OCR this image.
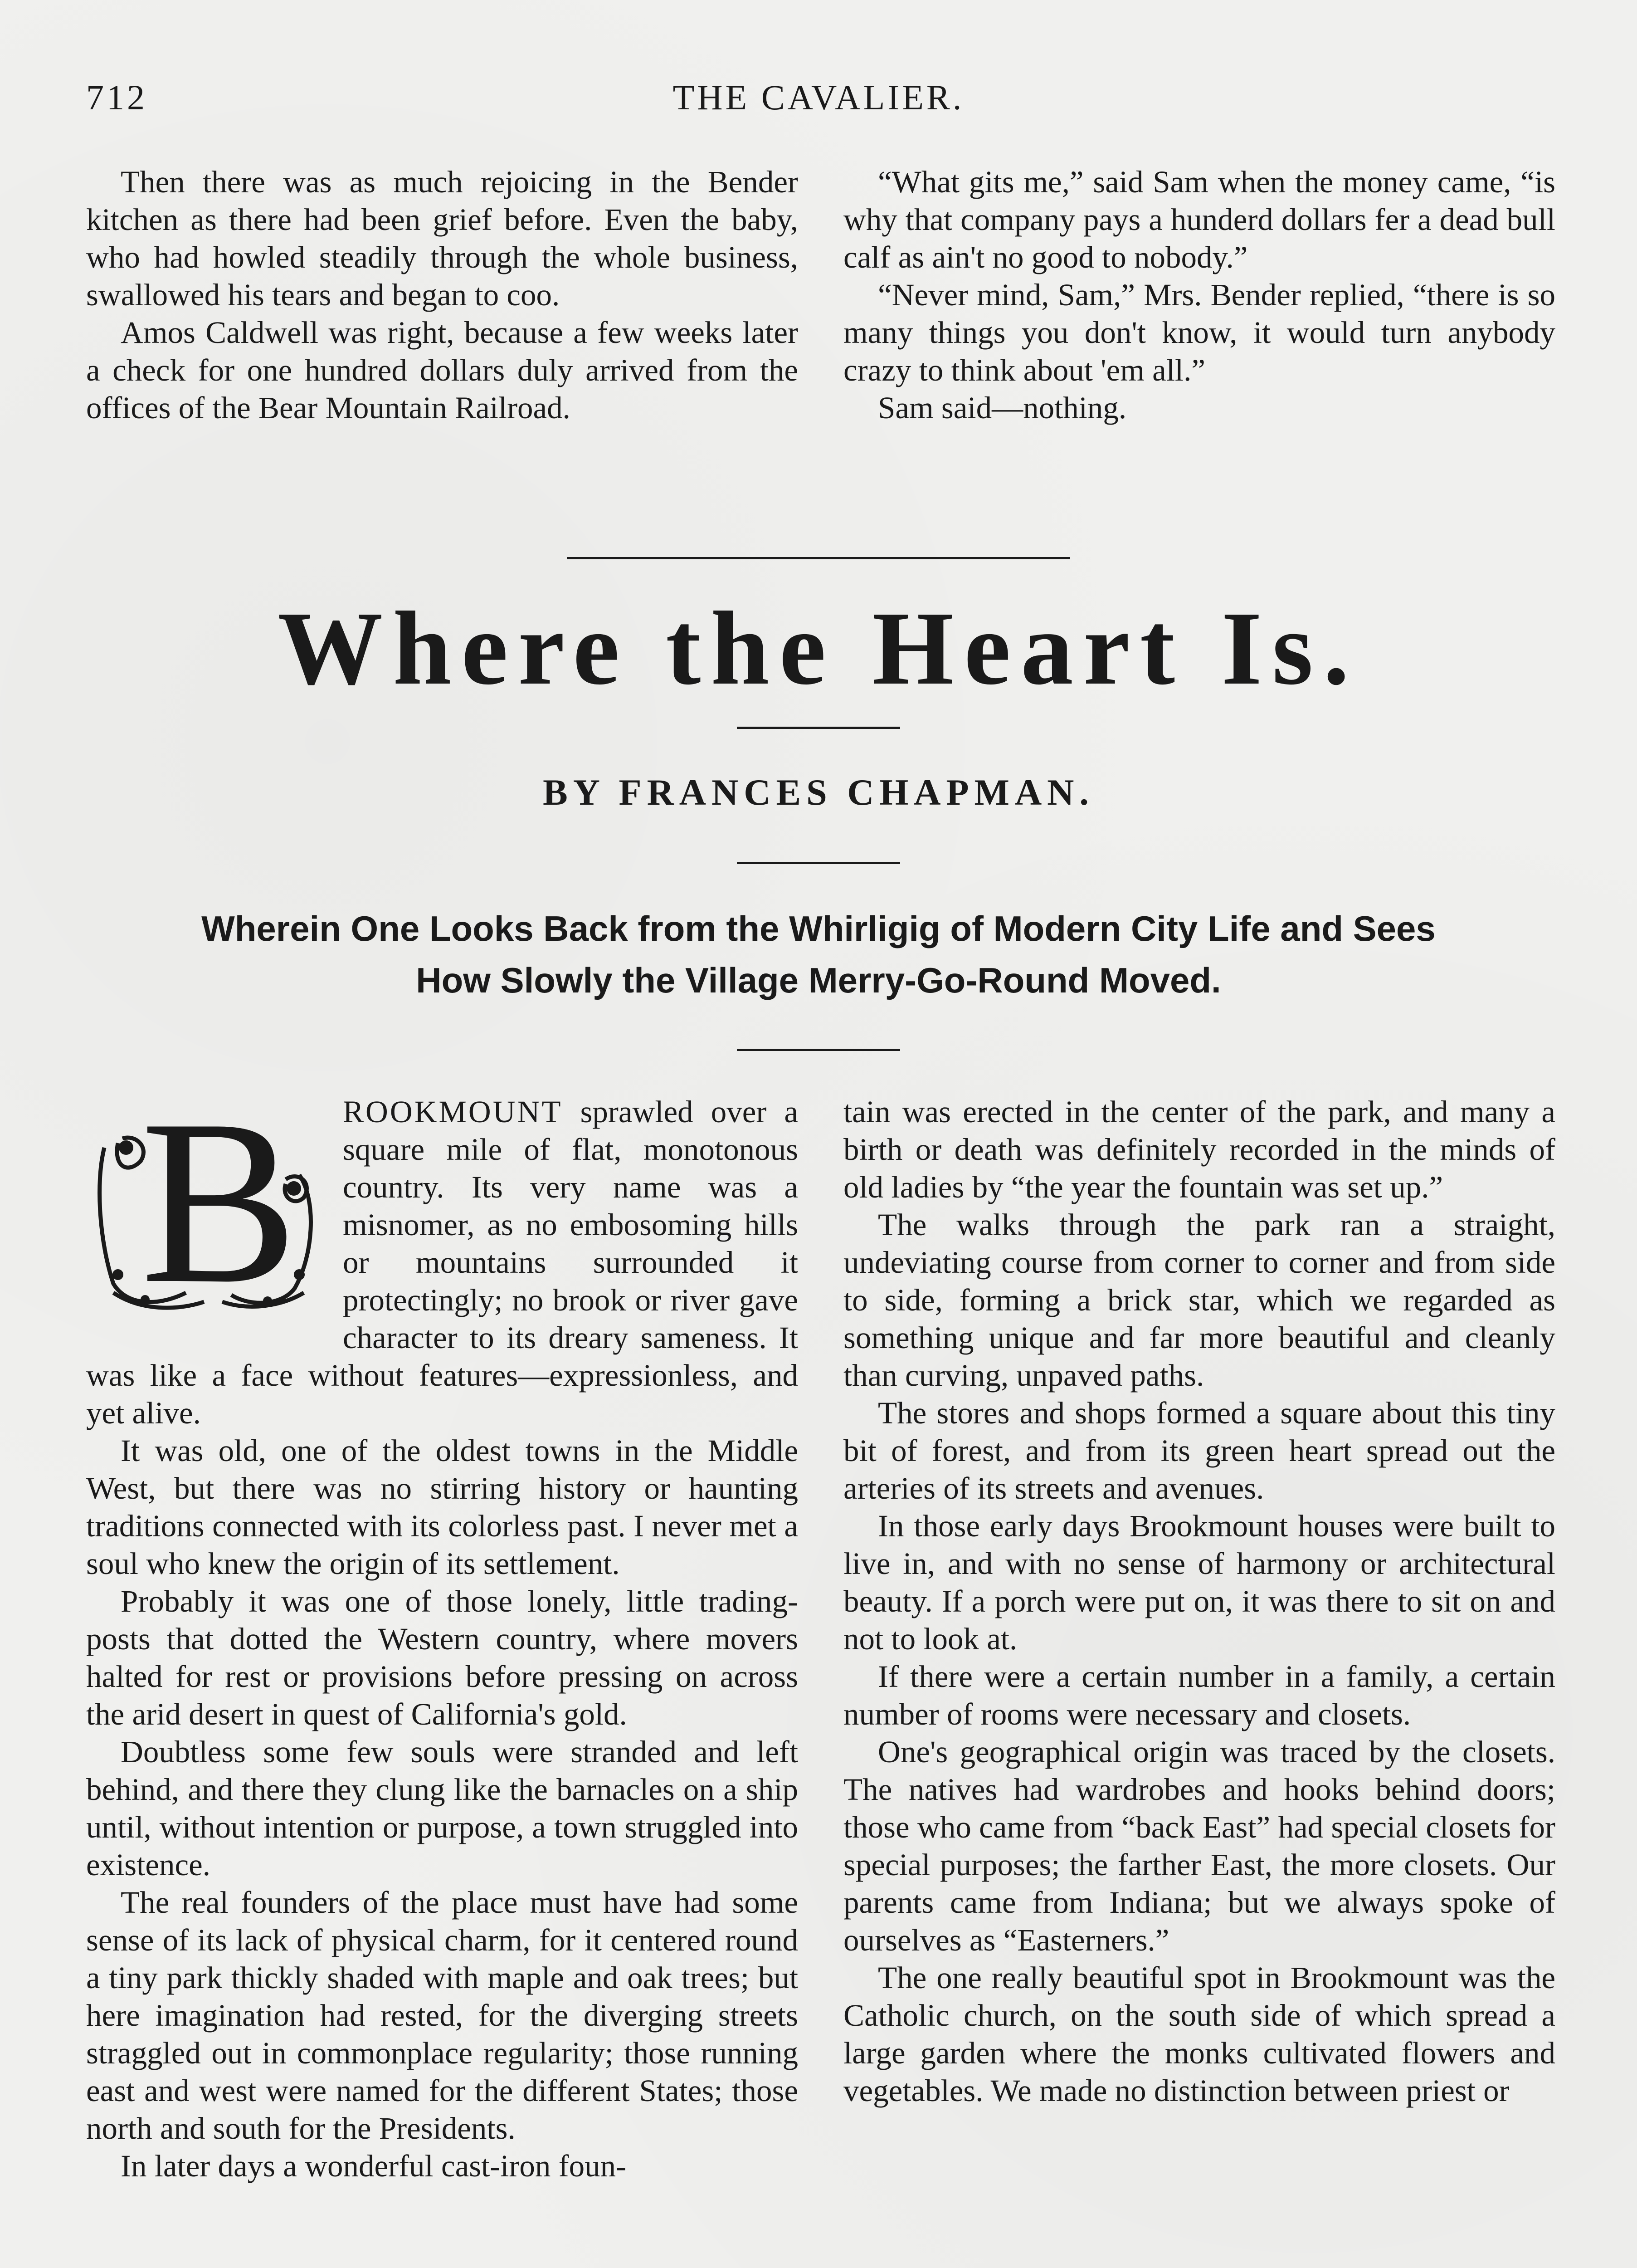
712	THE CAVALIER.

Then there was as much rejoicing in the Bender kitchen as there had been grief before. Even the baby, who had howled steadily through the whole business, swallowed his tears and began to coo.

Amos Caldwell was right, because a few weeks later a check for one hundred dollars duly arrived from the offices of the Bear Mountain Railroad.

“What gits me,” said Sam when the money came, “is why that company pays a hunderd dollars fer a dead bull calf as ain't no good to nobody.”

“Never mind, Sam,” Mrs. Bender replied, “there is so many things you don't know, it would turn anybody crazy to think about 'em all.”

Sam said—nothing.

Where the Heart Is.
BY FRANCES CHAPMAN.
Wherein One Looks Back from the Whirligig of Modern City Life and Sees How Slowly the Village Merry-Go-Round Moved.
B	ROOKMOUNT sprawled over a square mile of flat, monotonous country. Its very name was a misnomer, as no embosoming hills or mountains surrounded it protectingly; no brook or river gave character to its dreary sameness. It was like a face without features—expressionless, and yet alive.

It was old, one of the oldest towns in the Middle West, but there was no stirring history or haunting traditions connected with its colorless past. I never met a soul who knew the origin of its settlement.

Probably it was one of those lonely, little trading-posts that dotted the Western country, where movers halted for rest or provisions before pressing on across the arid desert in quest of California's gold.

Doubtless some few souls were stranded and left behind, and there they clung like the barnacles on a ship until, without intention or purpose, a town struggled into existence.

The real founders of the place must have had some sense of its lack of physical charm, for it centered round a tiny park thickly shaded with maple and oak trees; but here imagination had rested, for the diverging streets straggled out in commonplace regularity; those running east and west were named for the different States; those north and south for the Presidents.

In later days a wonderful cast-iron foun-

tain was erected in the center of the park, and many a birth or death was definitely recorded in the minds of old ladies by “the year the fountain was set up.”

The walks through the park ran a straight, undeviating course from corner to corner and from side to side, forming a brick star, which we regarded as something unique and far more beautiful and cleanly than curving, unpaved paths.

The stores and shops formed a square about this tiny bit of forest, and from its green heart spread out the arteries of its streets and avenues.

In those early days Brookmount houses were built to live in, and with no sense of harmony or architectural beauty. If a porch were put on, it was there to sit on and not to look at.

If there were a certain number in a family, a certain number of rooms were necessary and closets.

One's geographical origin was traced by the closets. The natives had wardrobes and hooks behind doors; those who came from “back East” had special closets for special purposes; the farther East, the more closets. Our parents came from Indiana; but we always spoke of ourselves as “Easterners.”

The one really beautiful spot in Brookmount was the Catholic church, on the south side of which spread a large garden where the monks cultivated flowers and vegetables. We made no distinction between priest or
